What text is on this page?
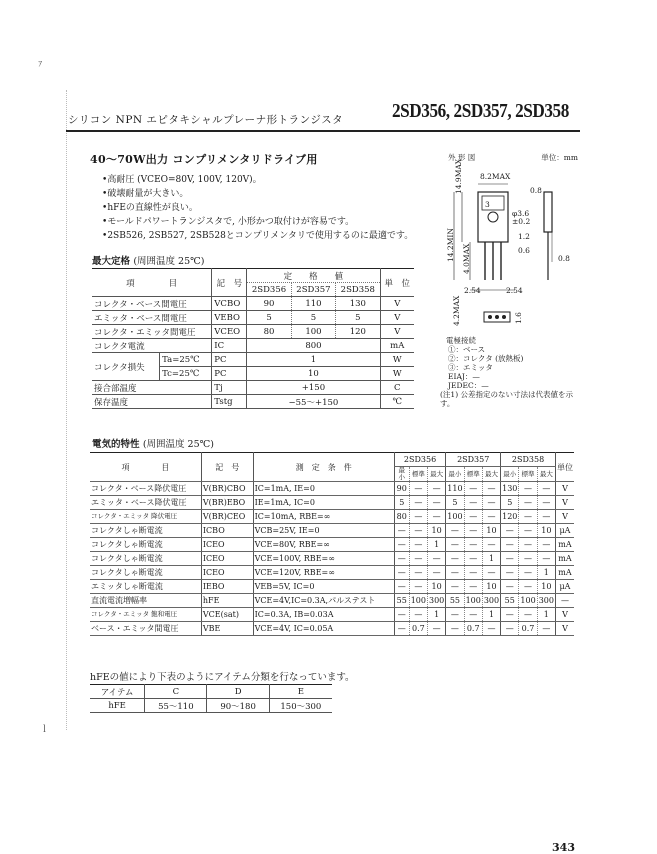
ｧ
ｌ
シリコン NPN エピタキシャルプレーナ形トランジスタ 2SD356, 2SD357, 2SD358
40～70W出力 コンプリメンタリドライブ用
• 高耐圧 (VCEO=80V, 100V, 120V)。
• 破壊耐量が大きい。
• hFEの直線性が良い。
• モールドパワートランジスタで, 小形かつ取付けが容易です。
• 2SB526, 2SB527, 2SB528とコンプリメンタリで使用するのに最適です。
最大定格 (周囲温度 25℃)
項　　　　目		記　号	定　　格　　値			単　位
			2SD356	2SD357	2SD358	
コレクタ・ベース間電圧		VCBO	90	110	130	V
エミッタ・ベース間電圧		VEBO	5	5	5	V
コレクタ・エミッタ間電圧		VCEO	80	100	120	V
コレクタ電流		IC	800			mA
コレクタ損失	Ta=25℃	PC	1			W
	Tc=25℃	PC	10			W
接合部温度		Tj	+150			C
保存温度		Tstg	−55～+150			℃
外 形 図	単位：mm
8.2MAX
0.8
3
φ3.6 ±0.2
1.2
0.6
0.8
14.9MAX
14.2MIN 4.0MAX
2.54	2.54
4.2MAX	1.6
電極接続
①：ベース
②：コレクタ (放熱板)
③：エミッタ
EIAJ：—
JEDEC：—
(注1) 公差指定のない寸法は代表値を示す。
電気的特性 (周囲温度 25℃)
項　　　　目	記　号	測　定　条　件	2SD356			2SD357			2SD358			単位
			最小	標準	最大	最小	標準	最大	最小	標準	最大	
コレクタ・ベース降伏電圧	V(BR)CBO	IC=1mA, IE=0	90	—	—	110	—	—	130	—	—	V
エミッタ・ベース降伏電圧	V(BR)EBO	IE=1mA, IC=0	5	—	—	5	—	—	5	—	—	V
コレクタ・エミッタ 降伏電圧	V(BR)CEO	IC=10mA, RBE=∞	80	—	—	100	—	—	120	—	—	V
コレクタしゃ断電流	ICBO	VCB=25V, IE=0	—	—	10	—	—	10	—	—	10	μA
コレクタしゃ断電流	ICEO	VCE=80V, RBE=∞	—	—	1	—	—	—	—	—	—	mA
コレクタしゃ断電流	ICEO	VCE=100V, RBE=∞	—	—	—	—	—	1	—	—	—	mA
コレクタしゃ断電流	ICEO	VCE=120V, RBE=∞	—	—	—	—	—	—	—	—	1	mA
エミッタしゃ断電流	IEBO	VEB=5V, IC=0	—	—	10	—	—	10	—	—	10	μA
直流電流増幅率	hFE	VCE=4V,IC=0.3A,パルステスト	55	100	300	55	100	300	55	100	300	—
コレクタ・エミッタ 飽和電圧	VCE(sat)	IC=0.3A, IB=0.03A	—	—	1	—	—	1	—	—	1	V
ベース・エミッタ間電圧	VBE	VCE=4V, IC=0.05A	—	0.7	—	—	0.7	—	—	0.7	—	V
hFEの値により下表のようにアイテム分類を行なっています。
アイテム	C	D	E
hFE	55～110	90～180	150～300
343
